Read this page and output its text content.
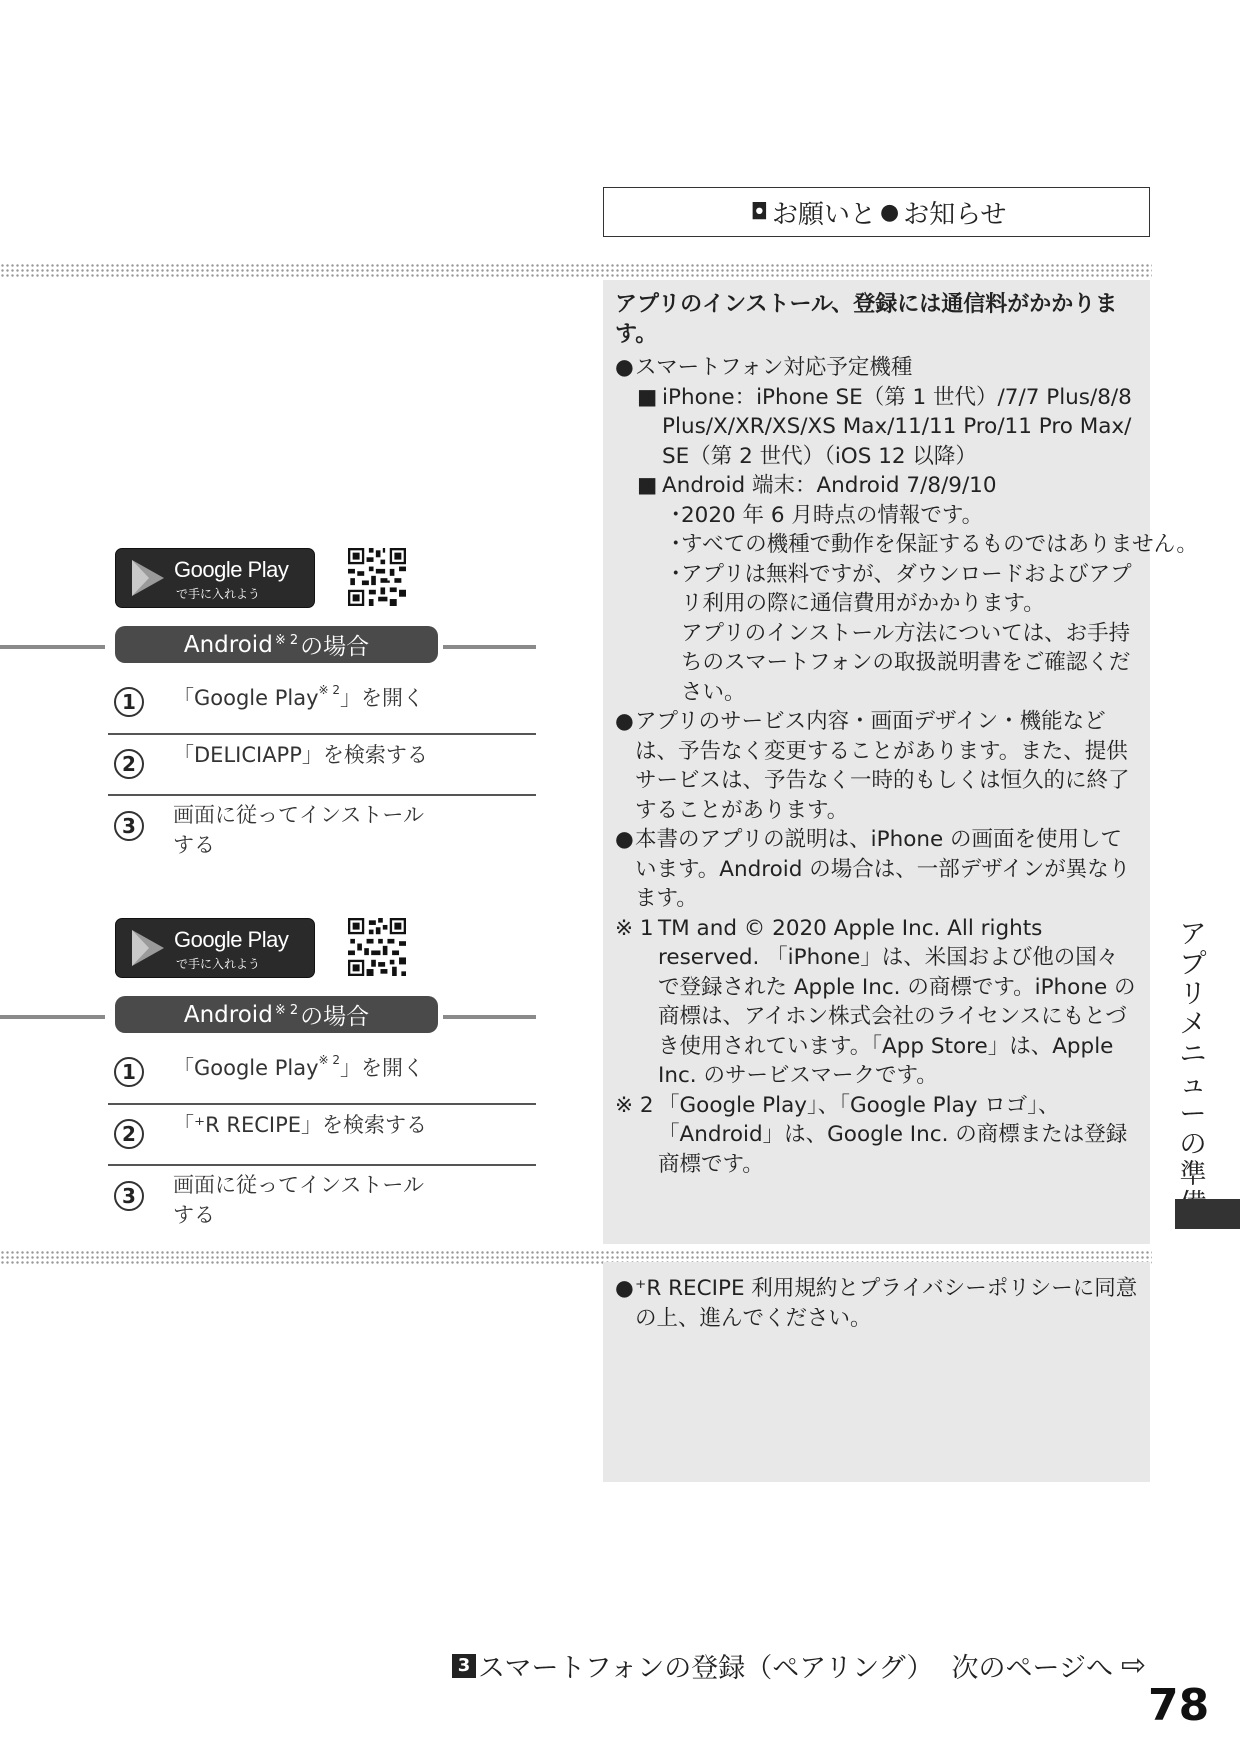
◘ お願いと ● お知らせ
アプリのインストール、登録には通信料がかかります。
● スマートフォン対応予定機種
■ iPhone：iPhone SE（第 1 世代）/7/7 Plus/8/8 Plus/X/XR/XS/XS Max/11/11 Pro/11 Pro Max/ SE（第 2 世代）（iOS 12 以降）
■ Android 端末：Android 7/8/9/10
・
2020 年 6 月時点の情報です。
・
すべての機種で動作を保証するものではありません。
・
アプリは無料ですが、ダウンロードおよびアプリ利用の際に通信費用がかかります。
アプリのインストール方法については、お手持ちのスマートフォンの取扱説明書をご確認ください。
● アプリのサービス内容・画面デザイン・機能などは、予告なく変更することがあります。また、提供サービスは、予告なく一時的もしくは恒久的に終了することがあります。
● 本書のアプリの説明は、iPhone の画面を使用しています。Android の場合は、一部デザインが異なります。
※ 1 TM and © 2020 Apple Inc. All rights reserved. 「iPhone」は、米国および他の国々で登録された Apple Inc. の商標です。iPhone の商標は、アイホン株式会社のライセンスにもとづき使用されています。「App Store」は、Apple Inc. のサービスマークです。
※ 2 「Google Play」、「Google Play ロゴ」、「Android」は、Google Inc. の商標または登録商標です。
● ⁺R RECIPE 利用規約とプライバシーポリシーに同意の上、進んでください。
Google Play
で手に入れよう
Android$^{※ 2}$ の場合
1	「Google Play$^{※ 2}$」を開く
2	「DELICIAPP」を検索する
3	画面に従ってインストールする
Google Play
で手に入れよう
Android$^{※ 2}$ の場合
1	「Google Play$^{※ 2}$」を開く
2	「⁺R RECIPE」を検索する
3	画面に従ってインストールする
アプリメニューの準
3 スマートフォンの登録（ペアリング） 次のページへ ⇨
78
